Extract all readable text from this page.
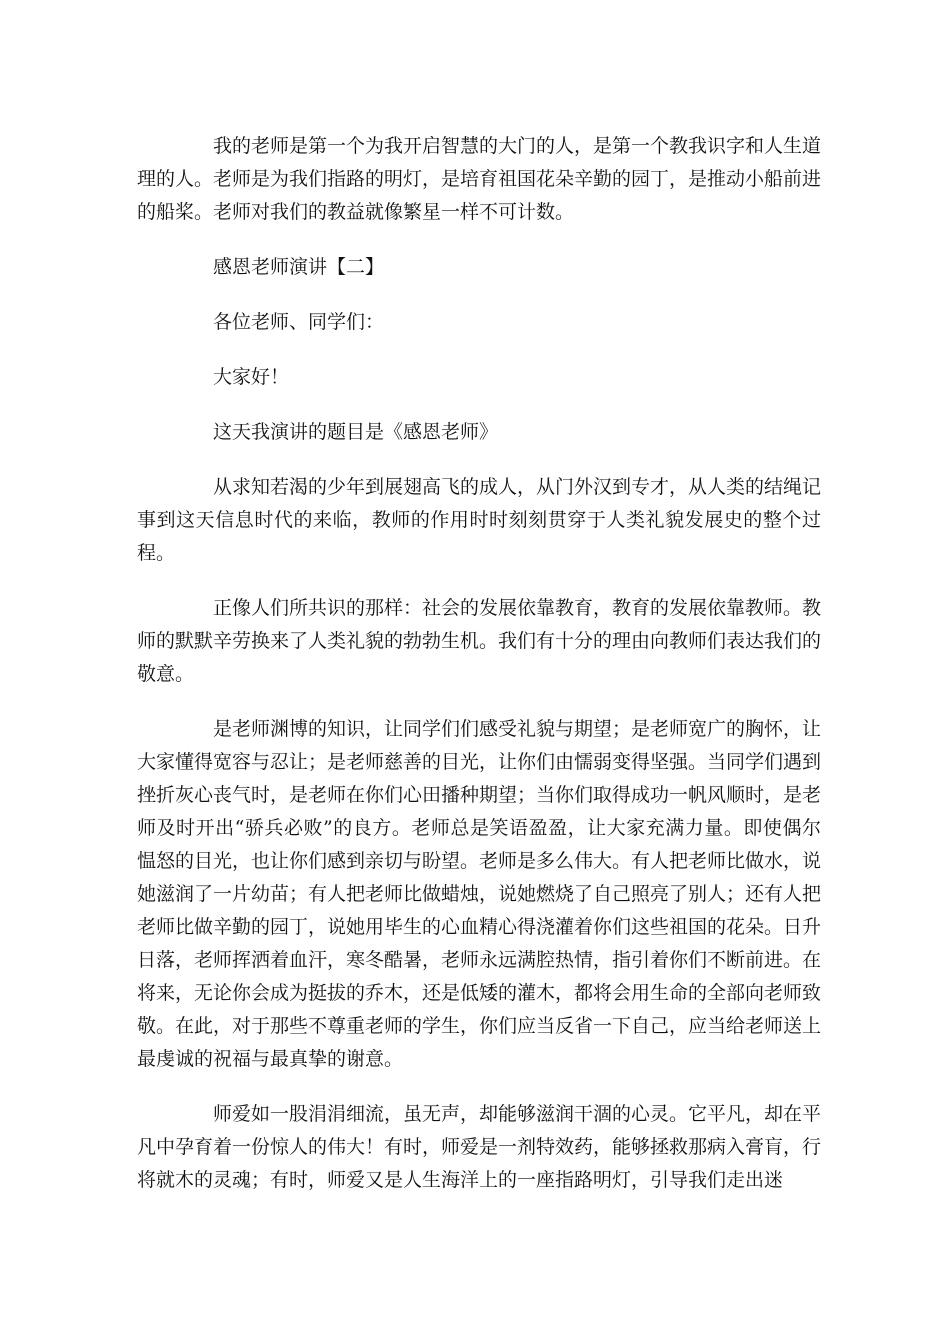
我的老师是第一个为我开启智慧的大门的人，是第一个教我识字和人生道理的人。老师是为我们指路的明灯，是培育祖国花朵辛勤的园丁，是推动小船前进的船桨。老师对我们的教益就像繁星一样不可计数。

感恩老师演讲【二】

各位老师、同学们：

大家好！

这天我演讲的题目是《感恩老师》

从求知若渴的少年到展翅高飞的成人，从门外汉到专才，从人类的结绳记事到这天信息时代的来临，教师的作用时时刻刻贯穿于人类礼貌发展史的整个过程。

正像人们所共识的那样：社会的发展依靠教育，教育的发展依靠教师。教师的默默辛劳换来了人类礼貌的勃勃生机。我们有十分的理由向教师们表达我们的敬意。

是老师渊博的知识，让同学们们感受礼貌与期望；是老师宽广的胸怀，让大家懂得宽容与忍让；是老师慈善的目光，让你们由懦弱变得坚强。当同学们遇到挫折灰心丧气时，是老师在你们心田播种期望；当你们取得成功一帆风顺时，是老师及时开出“骄兵必败”的良方。老师总是笑语盈盈，让大家充满力量。即使偶尔愠怒的目光，也让你们感到亲切与盼望。老师是多么伟大。有人把老师比做水，说她滋润了一片幼苗；有人把老师比做蜡烛，说她燃烧了自己照亮了别人；还有人把老师比做辛勤的园丁，说她用毕生的心血精心得浇灌着你们这些祖国的花朵。日升日落，老师挥洒着血汗，寒冬酷暑，老师永远满腔热情，指引着你们不断前进。在将来，无论你会成为挺拔的乔木，还是低矮的灌木，都将会用生命的全部向老师致敬。在此，对于那些不尊重老师的学生，你们应当反省一下自己，应当给老师送上最虔诚的祝福与最真挚的谢意。

师爱如一股涓涓细流，虽无声，却能够滋润干涸的心灵。它平凡，却在平凡中孕育着一份惊人的伟大！有时，师爱是一剂特效药，能够拯救那病入膏肓，行将就木的灵魂；有时，师爱又是人生海洋上的一座指路明灯，引导我们走出迷
